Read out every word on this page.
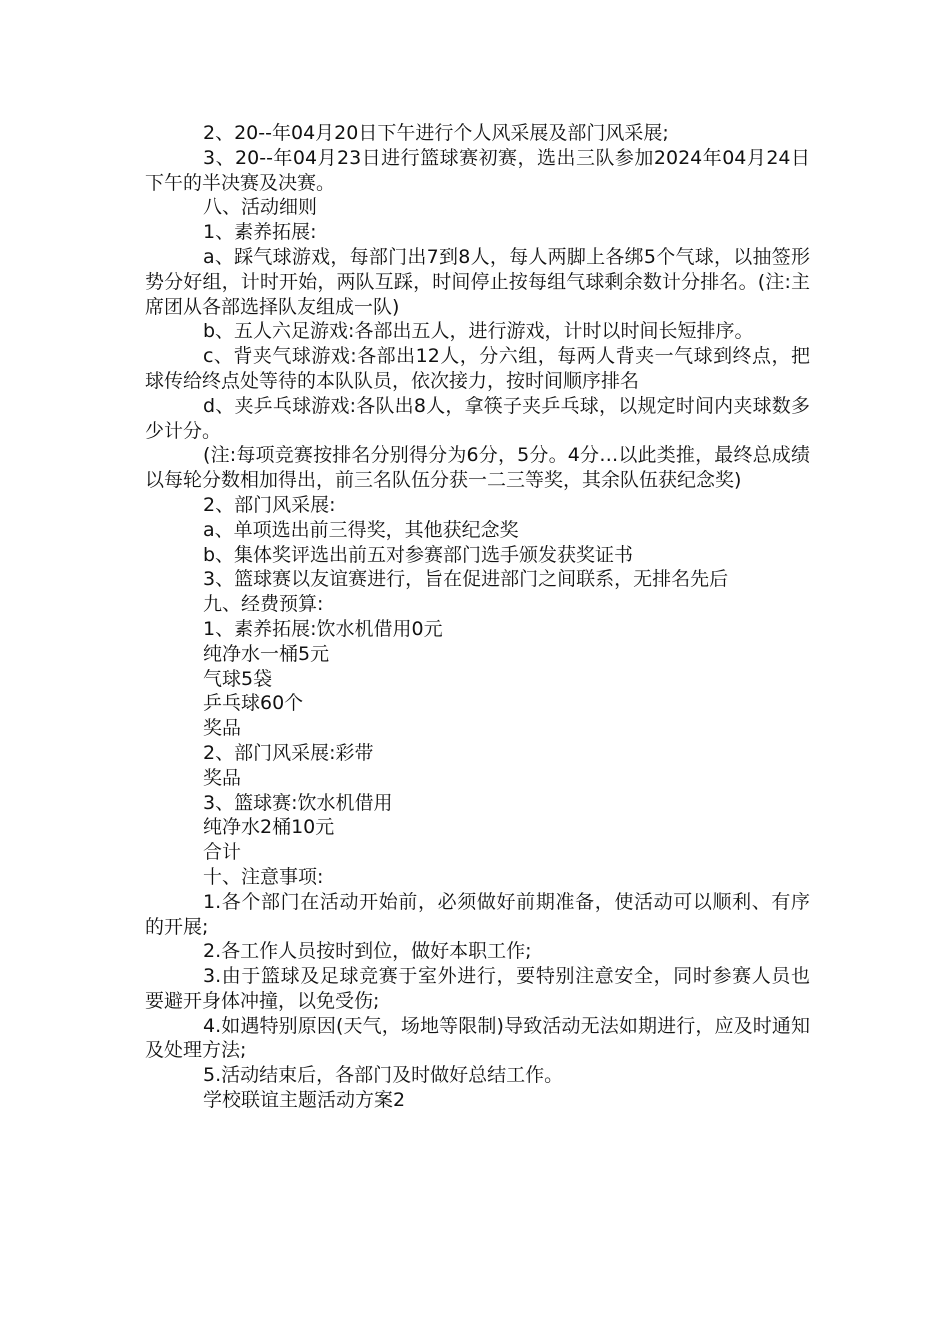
2、20--年04月20日下午进行个人风采展及部门风采展;

3、20--年04月23日进行篮球赛初赛，选出三队参加2024年04月24日下午的半决赛及决赛。

八、活动细则

1、素养拓展:

a、踩气球游戏，每部门出7到8人，每人两脚上各绑5个气球，以抽签形势分好组，计时开始，两队互踩，时间停止按每组气球剩余数计分排名。(注:主席团从各部选择队友组成一队)

b、五人六足游戏:各部出五人，进行游戏，计时以时间长短排序。

c、背夹气球游戏:各部出12人，分六组，每两人背夹一气球到终点，把球传给终点处等待的本队队员，依次接力，按时间顺序排名

d、夹乒乓球游戏:各队出8人，拿筷子夹乒乓球，以规定时间内夹球数多少计分。

(注:每项竞赛按排名分别得分为6分，5分。4分…以此类推，最终总成绩以每轮分数相加得出，前三名队伍分获一二三等奖，其余队伍获纪念奖)

2、部门风采展:

a、单项选出前三得奖，其他获纪念奖

b、集体奖评选出前五对参赛部门选手颁发获奖证书

3、篮球赛以友谊赛进行，旨在促进部门之间联系，无排名先后

九、经费预算:

1、素养拓展:饮水机借用0元

纯净水一桶5元

气球5袋

乒乓球60个

奖品

2、部门风采展:彩带

奖品

3、篮球赛:饮水机借用

纯净水2桶10元

合计

十、注意事项:

1.各个部门在活动开始前，必须做好前期准备，使活动可以顺利、有序的开展;

2.各工作人员按时到位，做好本职工作;

3.由于篮球及足球竞赛于室外进行，要特别注意安全，同时参赛人员也要避开身体冲撞，以免受伤;

4.如遇特别原因(天气，场地等限制)导致活动无法如期进行，应及时通知及处理方法;

5.活动结束后，各部门及时做好总结工作。

学校联谊主题活动方案2
